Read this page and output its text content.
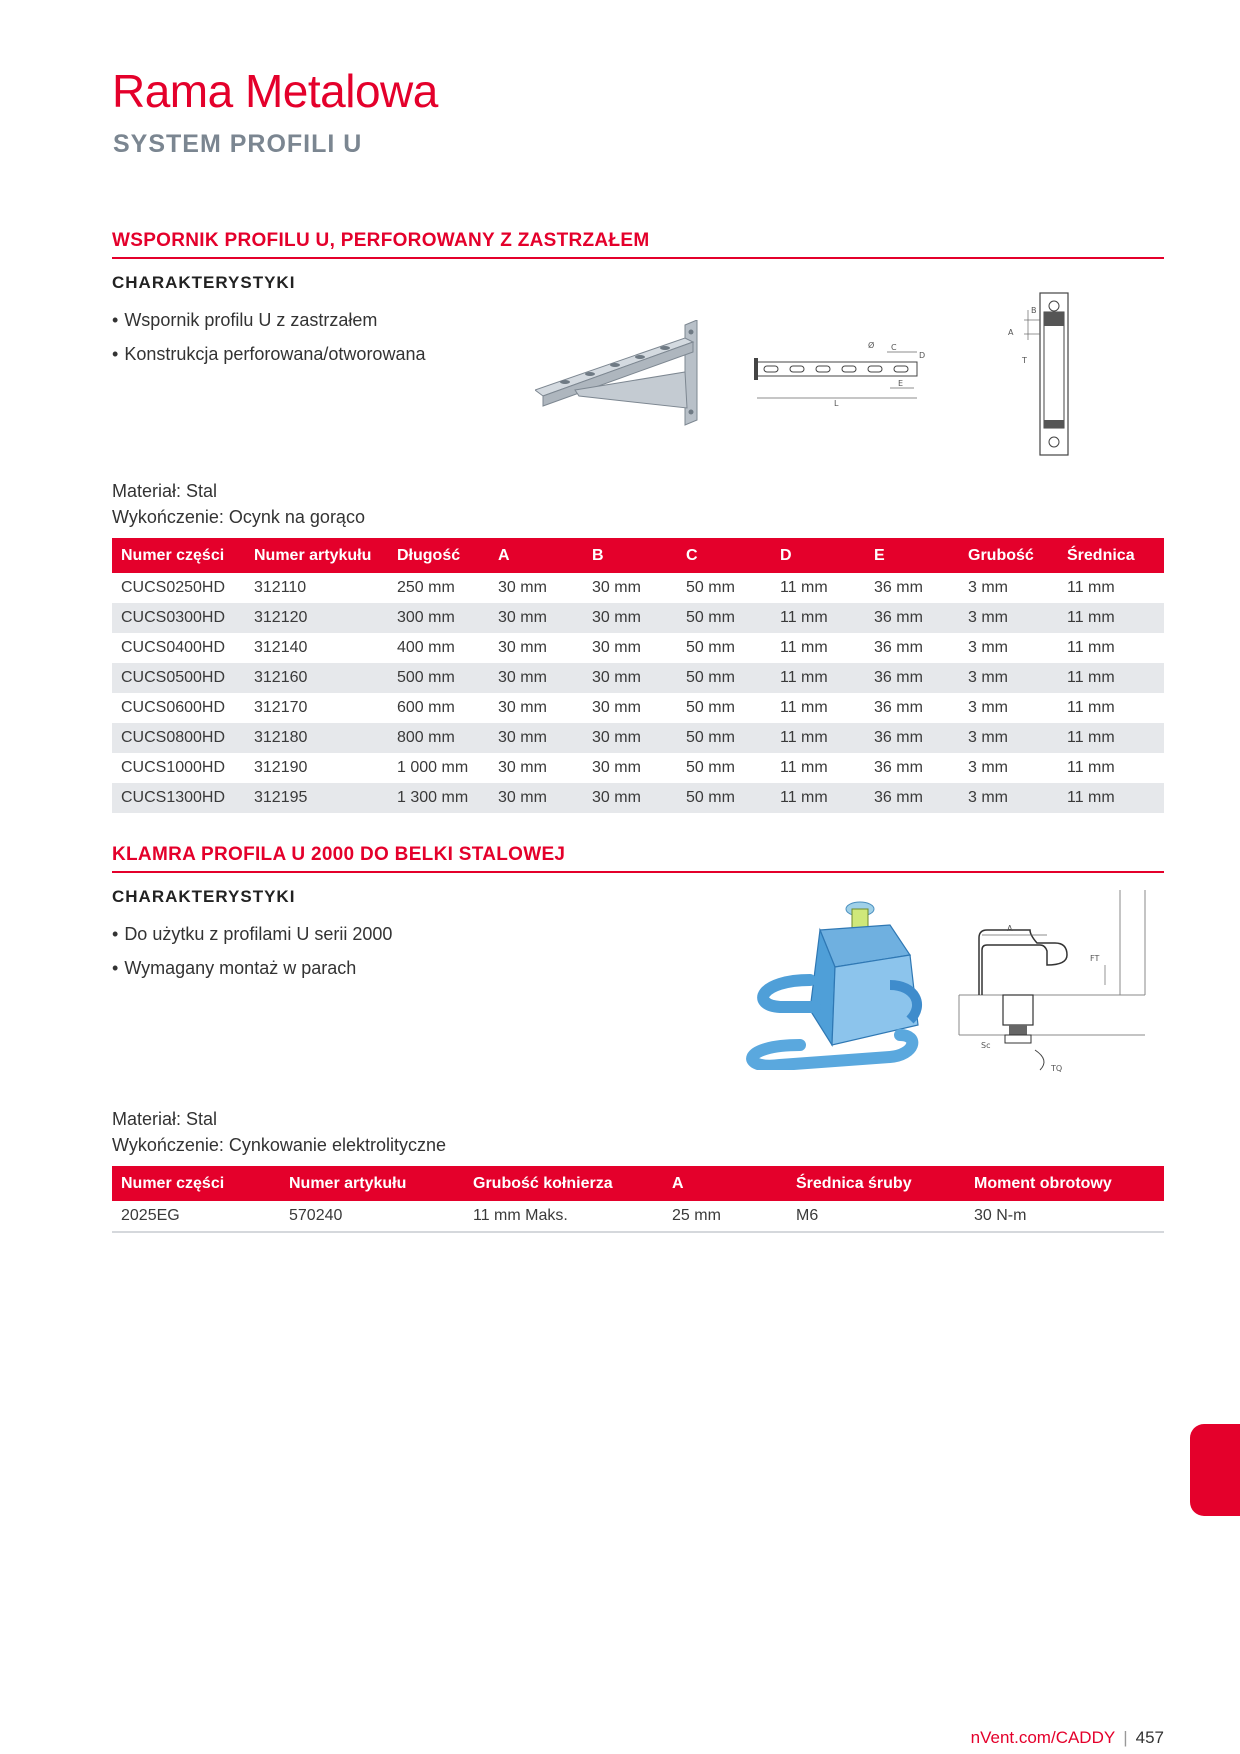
Rama Metalowa
SYSTEM PROFILI U
WSPORNIK PROFILU U, PERFOROWANY Z ZASTRZAŁEM
CHARAKTERYSTYKI
• Wspornik profilu U z zastrzałem
• Konstrukcja perforowana/otworowana	Ø C
D
E
L
B
A
T
Materiał: Stal
Wykończenie: Ocynk na gorąco
Numer części	Numer artykułu	Długość	A	B	C	D	E	Grubość	Średnica
CUCS0250HD	312110	250 mm	30 mm	30 mm	50 mm	11 mm	36 mm	3 mm	11 mm
CUCS0300HD	312120	300 mm	30 mm	30 mm	50 mm	11 mm	36 mm	3 mm	11 mm
CUCS0400HD	312140	400 mm	30 mm	30 mm	50 mm	11 mm	36 mm	3 mm	11 mm
CUCS0500HD	312160	500 mm	30 mm	30 mm	50 mm	11 mm	36 mm	3 mm	11 mm
CUCS0600HD	312170	600 mm	30 mm	30 mm	50 mm	11 mm	36 mm	3 mm	11 mm
CUCS0800HD	312180	800 mm	30 mm	30 mm	50 mm	11 mm	36 mm	3 mm	11 mm
CUCS1000HD	312190	1 000 mm	30 mm	30 mm	50 mm	11 mm	36 mm	3 mm	11 mm
CUCS1300HD	312195	1 300 mm	30 mm	30 mm	50 mm	11 mm	36 mm	3 mm	11 mm
KLAMRA PROFILA U 2000 DO BELKI STALOWEJ
CHARAKTERYSTYKI
• Do użytku z profilami U serii 2000
• Wymagany montaż w parach
A
FT
Sc
TQ
Materiał: Stal
Wykończenie: Cynkowanie elektrolityczne
Numer części	Numer artykułu	Grubość kołnierza	A	Średnica śruby	Moment obrotowy
2025EG	570240	11 mm Maks.	25 mm	M6	30 N-m
nVent.com/CADDY | 457
